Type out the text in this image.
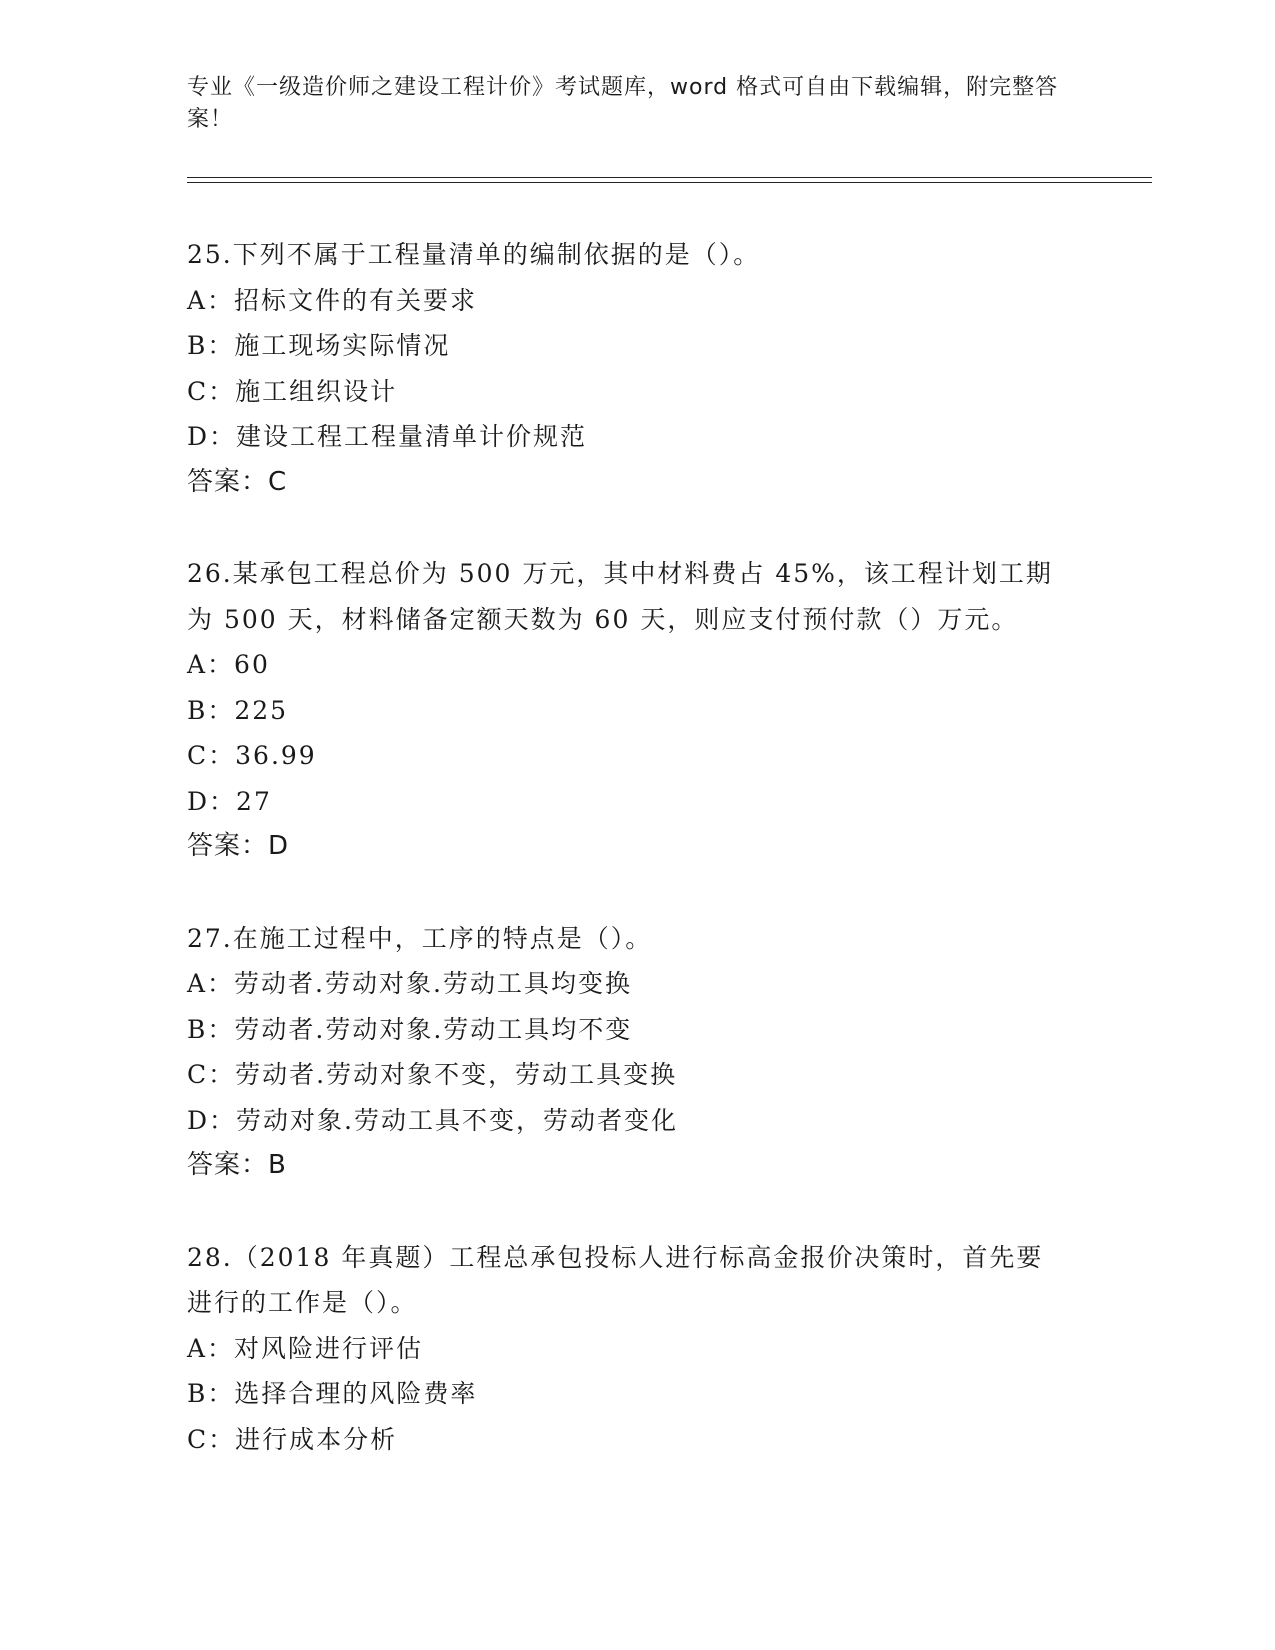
专业《一级造价师之建设工程计价》考试题库，word 格式可自由下载编辑，附完整答案！
25.下列不属于工程量清单的编制依据的是（）。
A：招标文件的有关要求
B：施工现场实际情况
C：施工组织设计
D：建设工程工程量清单计价规范
答案：C
26.某承包工程总价为 500 万元，其中材料费占 45%，该工程计划工期
为 500 天，材料储备定额天数为 60 天，则应支付预付款（）万元。
A：60
B：225
C：36.99
D：27
答案：D
27.在施工过程中，工序的特点是（）。
A：劳动者.劳动对象.劳动工具均变换
B：劳动者.劳动对象.劳动工具均不变
C：劳动者.劳动对象不变，劳动工具变换
D：劳动对象.劳动工具不变，劳动者变化
答案：B
28.（2018 年真题）工程总承包投标人进行标高金报价决策时，首先要
进行的工作是（）。
A：对风险进行评估
B：选择合理的风险费率
C：进行成本分析
